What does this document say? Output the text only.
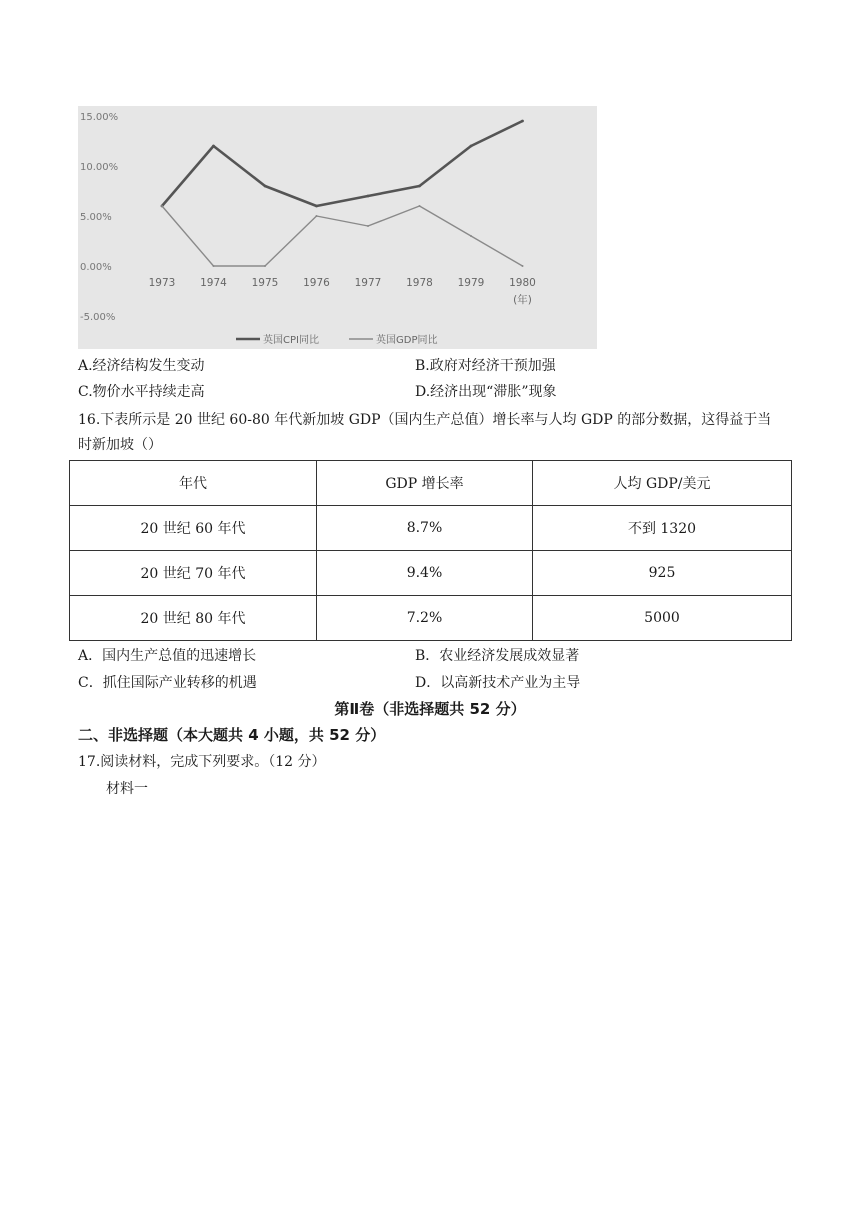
15.00%
10.00%
5.00%
0.00%
-5.00%
1973 1974 1975 1976 1977 1978 1979 1980
(年)
英国CPI同比	英国GDP同比
A.经济结构发生变动	B.政府对经济干预加强
C.物价水平持续走高	D.经济出现“滞胀”现象
16.下表所示是 20 世纪 60-80 年代新加坡 GDP（国内生产总值）增长率与人均 GDP 的部分数据，这得益于当
时新加坡（）
年代	GDP 增长率	人均 GDP/美元
20 世纪 60 年代	8.7%	不到 1320
20 世纪 70 年代	9.4%	925
20 世纪 80 年代	7.2%	5000
A．国内生产总值的迅速增长	B．农业经济发展成效显著
C．抓住国际产业转移的机遇	D．以高新技术产业为主导
第Ⅱ卷（非选择题共 52 分）
二、非选择题（本大题共 4 小题，共 52 分）
17.阅读材料，完成下列要求。（12 分）
材料一
